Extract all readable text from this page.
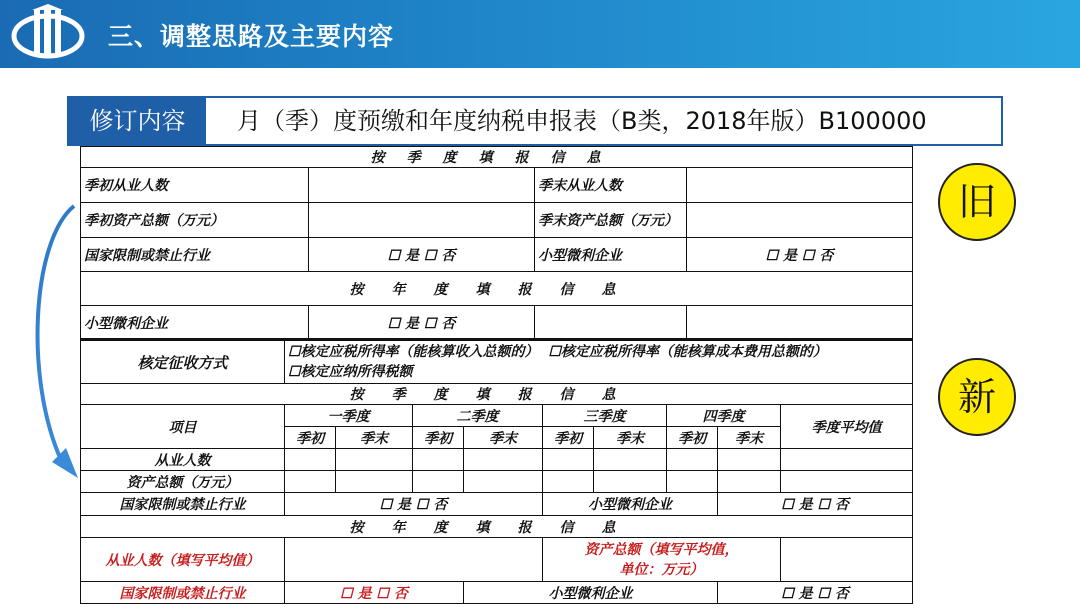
三、调整思路及主要内容
修订内容	月（季）度预缴和年度纳税申报表（B类，2018年版）B100000
按季度填报信息			
季初从业人数		季末从业人数	
季初资产总额（万元）		季末资产总额（万元）	
国家限制或禁止行业	☐ 是 ☐ 否	小型微利企业	☐ 是 ☐ 否
按年度填报信息			
小型微利企业	☐ 是 ☐ 否		
核定征收方式	☐核定应税所得率（能核算收入总额的） ☐核定应税所得率（能核算成本费用总额的）
☐核定应纳所得税额								
按季度填报信息									
项目	一季度		二季度		三季度		四季度		季度平均值
	季初	季末	季初	季末	季初	季末	季初	季末	
从业人数									
资产总额（万元）									
国家限制或禁止行业	☐ 是 ☐ 否				小型微利企业			☐ 是 ☐ 否	
按年度填报信息									
从业人数（填写平均值）					资产总额（填写平均值，
单位：万元）				
国家限制或禁止行业	☐ 是 ☐ 否			小型微利企业				☐ 是 ☐ 否	
旧
新
